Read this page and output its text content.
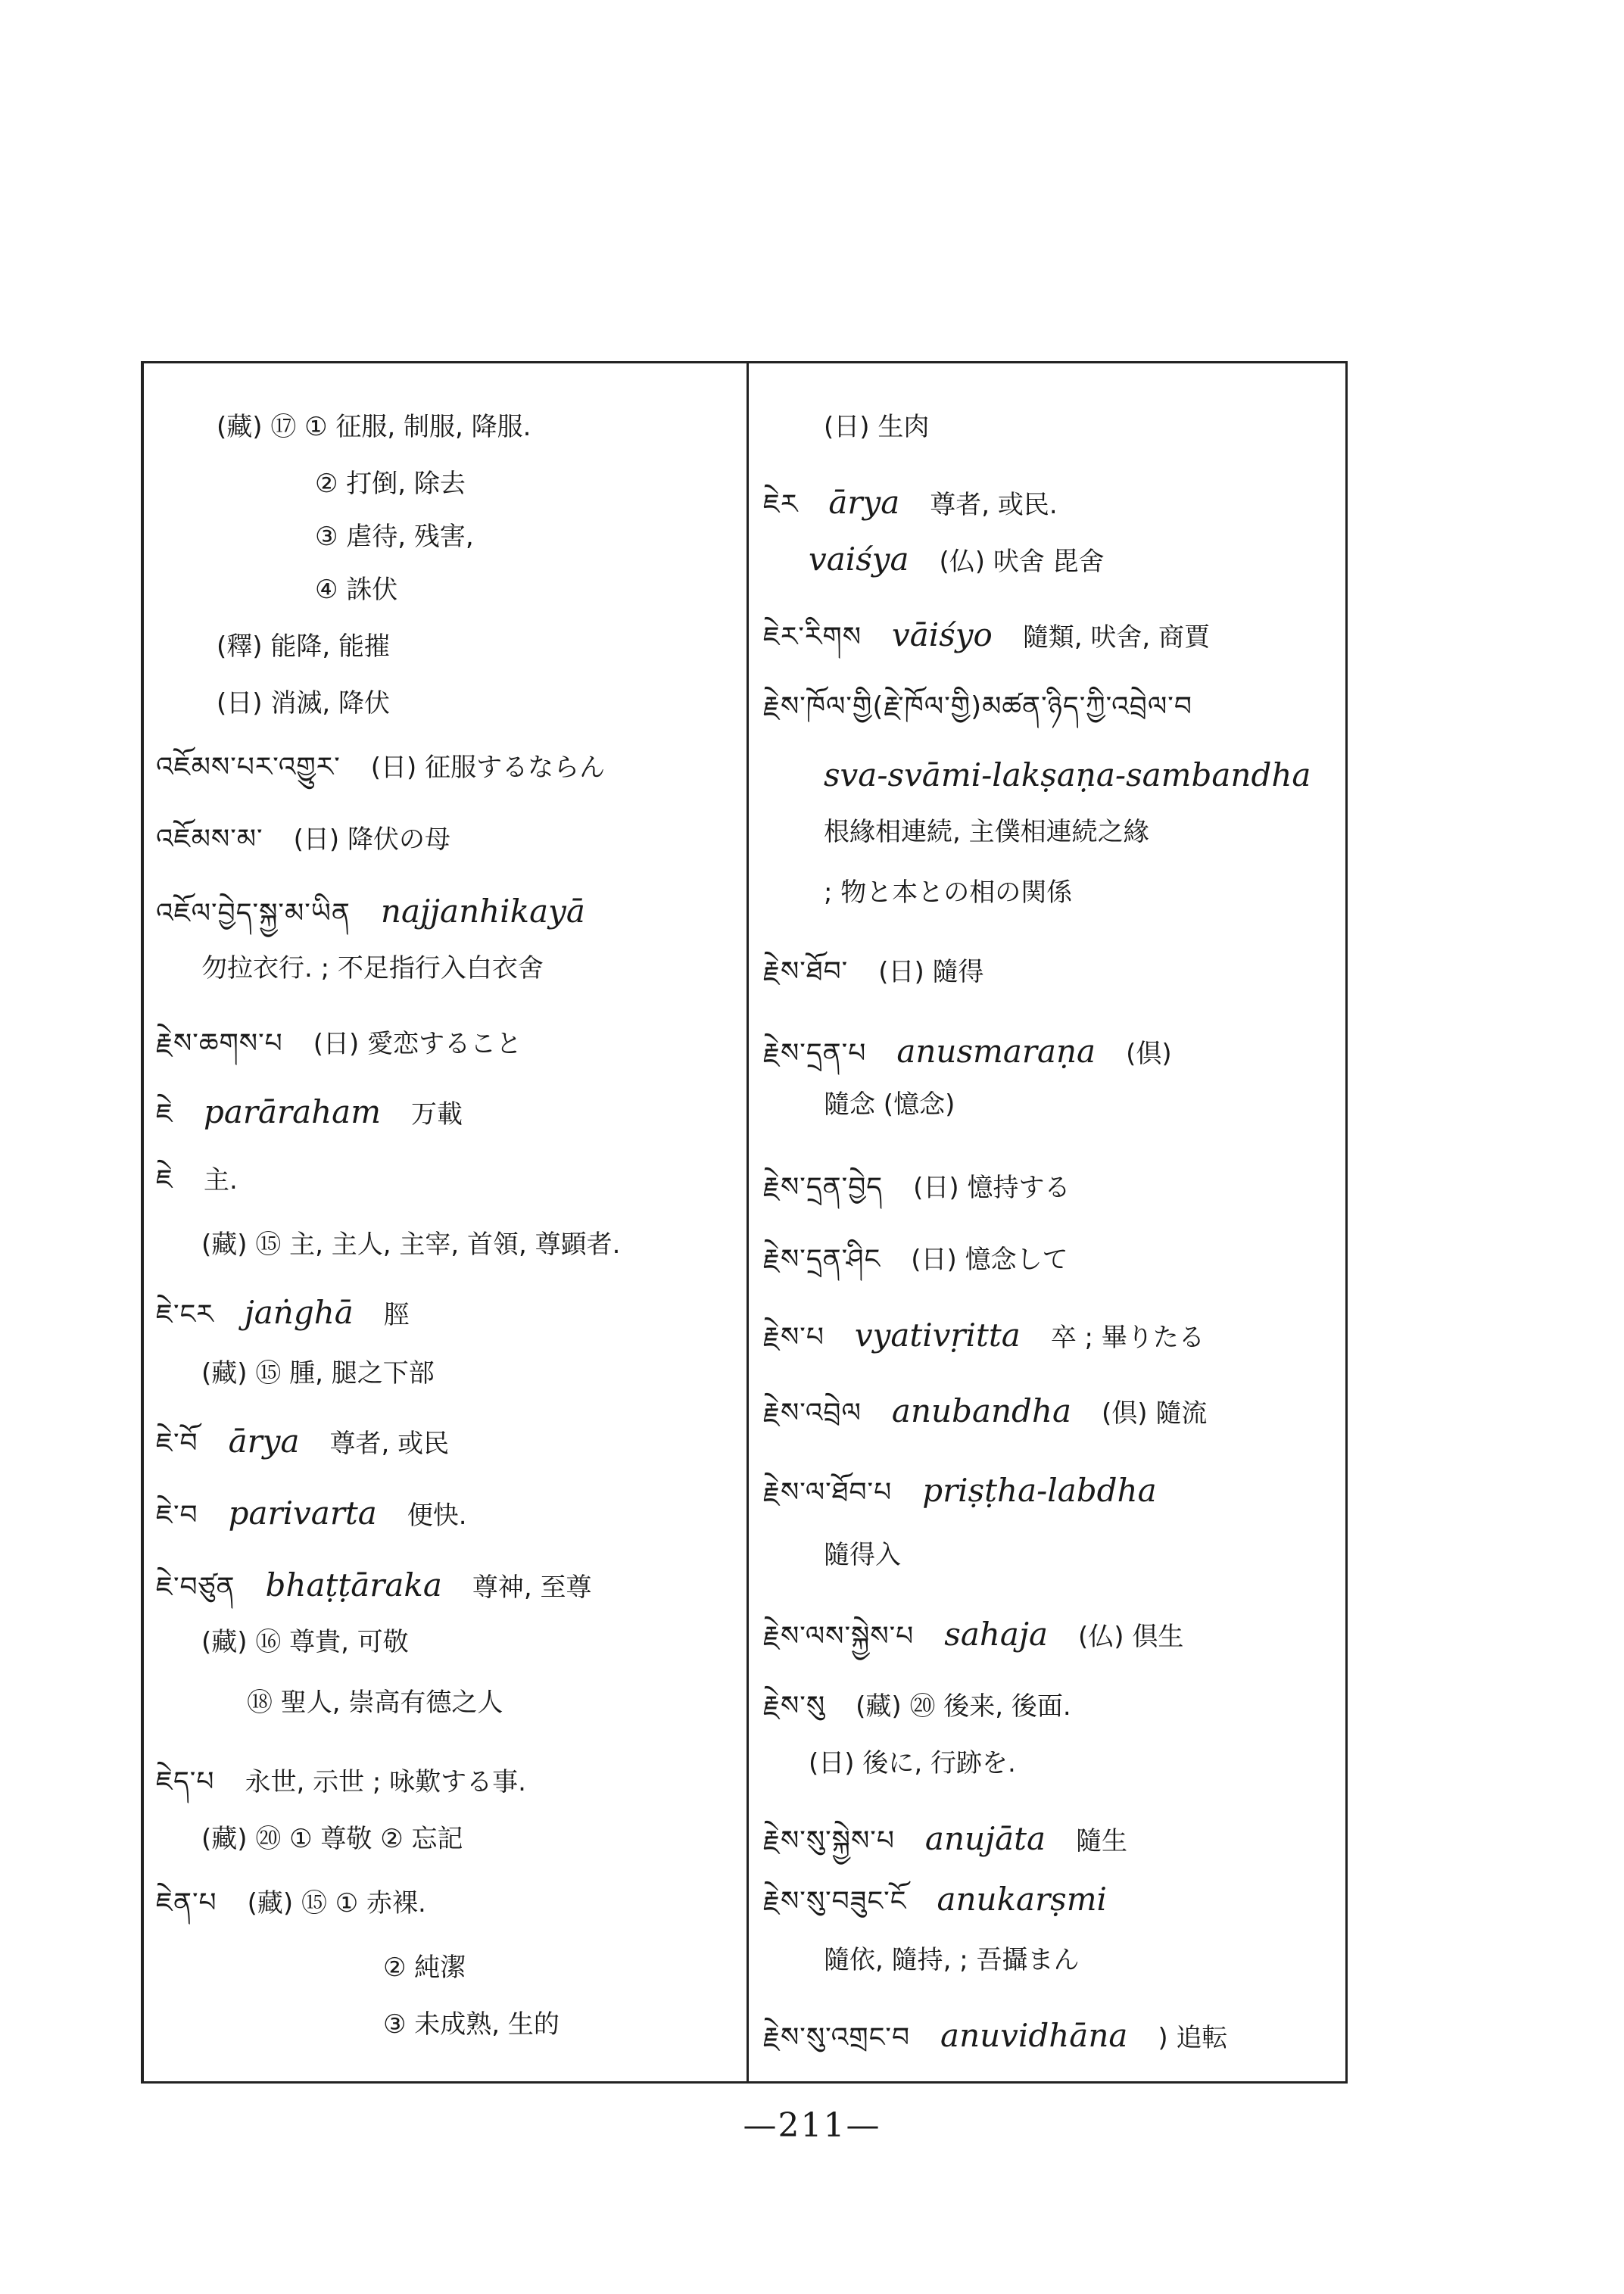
(藏) ⑰ ① 征服, 制服, 降服.
② 打倒, 除去
③ 虐待, 残害,
④ 誅伏
(釋) 能降, 能摧
(日) 消滅, 降伏
འཇོམས་པར་འགྱུར་ (日) 征服するならん
འཇོམས་མ་ (日) 降伏の母
འཇོལ་བྱེད་སྐྱ་མ་ཡིན najjanhikayā
勿拉衣行. ; 不足指行入白衣舍
རྗེས་ཆགས་པ (日) 愛恋すること
ཇེ parāraham 万載
ཇེ 主.
(藏) ⑮ 主, 主人, 主宰, 首領, 尊顕者.
ཇེ་ངར jaṅghā 脛
(藏) ⑮ 腫, 腿之下部
ཇེ་བོ ārya 尊者, 或民
ཇེ་བ parivarta 便快.
ཇེ་བཙུན bhaṭṭāraka 尊神, 至尊
(藏) ⑯ 尊貴, 可敬
⑱ 聖人, 崇高有德之人
ཇེད་པ 永世, 示世 ; 咏歎する事.
(藏) ⑳ ① 尊敬 ② 忘記
ཇེན་པ (藏) ⑮ ① 赤裸.
② 純潔
③ 未成熟, 生的
(日) 生肉
ཇེར ārya 尊者, 或民.
vaiśya (仏) 吠舍 毘舍
ཇེར་རིགས vāiśyo 隨類, 吠舍, 商賈
རྗེས་ཁོལ་གྱི(རྗེ་ཁོལ་གྱི)མཚན་ཉིད་ཀྱི་འབྲེལ་བ
sva-svāmi-lakṣaṇa-sambandha
根緣相連続, 主僕相連続之緣
; 物と本との相の関係
རྗེས་ཐོབ་ (日) 隨得
རྗེས་དྲན་པ anusmaraṇa (倶)
隨念 (憶念)
རྗེས་དྲན་བྱེད (日) 憶持する
རྗེས་དྲན་ཤིང (日) 憶念して
རྗེས་པ vyativṛitta 卒 ; 畢りたる
རྗེས་འབྲེལ anubandha (倶) 隨流
རྗེས་ལ་ཐོབ་པ priṣṭha-labdha
隨得入
རྗེས་ལས་སྐྱེས་པ sahaja (仏) 倶生
རྗེས་སུ (藏) ⑳ 後来, 後面.
(日) 後に, 行跡を.
རྗེས་སུ་སྐྱེས་པ anujāta 隨生
རྗེས་སུ་བཟུང་ངོ anukarṣmi
隨依, 隨持, ; 吾攝まん
རྗེས་སུ་འགྲང་བ anuvidhāna ) 追転
—211—
